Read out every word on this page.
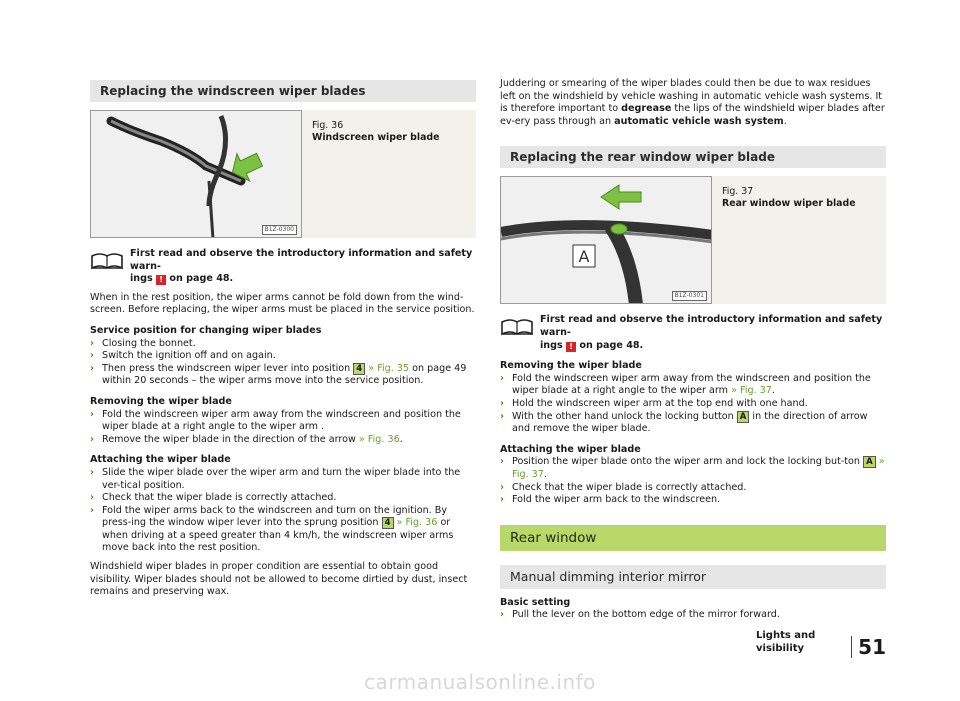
Replacing the windscreen wiper blades
B1Z-0300
Fig. 36
Windscreen wiper blade
First read and observe the introductory information and safety warn-
ings ! on page 48.

When in the rest position, the wiper arms cannot be fold down from the wind-screen. Before replacing, the wiper arms must be placed in the service position.

Service position for changing wiper blades
› Closing the bonnet.
› Switch the ignition off and on again.
› Then press the windscreen wiper lever into position 4 » Fig. 35 on page 49 within 20 seconds – the wiper arms move into the service position.
Removing the wiper blade
› Fold the windscreen wiper arm away from the windscreen and position the wiper blade at a right angle to the wiper arm .
› Remove the wiper blade in the direction of the arrow » Fig. 36.
Attaching the wiper blade
› Slide the wiper blade over the wiper arm and turn the wiper blade into the ver-tical position.
› Check that the wiper blade is correctly attached.
› Fold the wiper arms back to the windscreen and turn on the ignition. By press-ing the window wiper lever into the sprung position 4 » Fig. 36 or when driving at a speed greater than 4 km/h, the windscreen wiper arms move back into the rest position.

Windshield wiper blades in proper condition are essential to obtain good visibility. Wiper blades should not be allowed to become dirtied by dust, insect remains and preserving wax.

Juddering or smearing of the wiper blades could then be due to wax residues left on the windshield by vehicle washing in automatic vehicle wash systems. It is therefore important to degrease the lips of the windshield wiper blades after ev-ery pass through an automatic vehicle wash system.

Replacing the rear window wiper blade
A
B1Z-0301
Fig. 37
Rear window wiper blade
First read and observe the introductory information and safety warn-
ings ! on page 48.
Removing the wiper blade
› Fold the windscreen wiper arm away from the windscreen and position the wiper blade at a right angle to the wiper arm » Fig. 37.
› Hold the windscreen wiper arm at the top end with one hand.
› With the other hand unlock the locking button A in the direction of arrow and remove the wiper blade.
Attaching the wiper blade
› Position the wiper blade onto the wiper arm and lock the locking but-ton A » Fig. 37.
› Check that the wiper blade is correctly attached.
› Fold the wiper arm back to the windscreen.
Rear window
Manual dimming interior mirror
Basic setting
› Pull the lever on the bottom edge of the mirror forward.
Lights and visibility	51
carmanualsonline.info
